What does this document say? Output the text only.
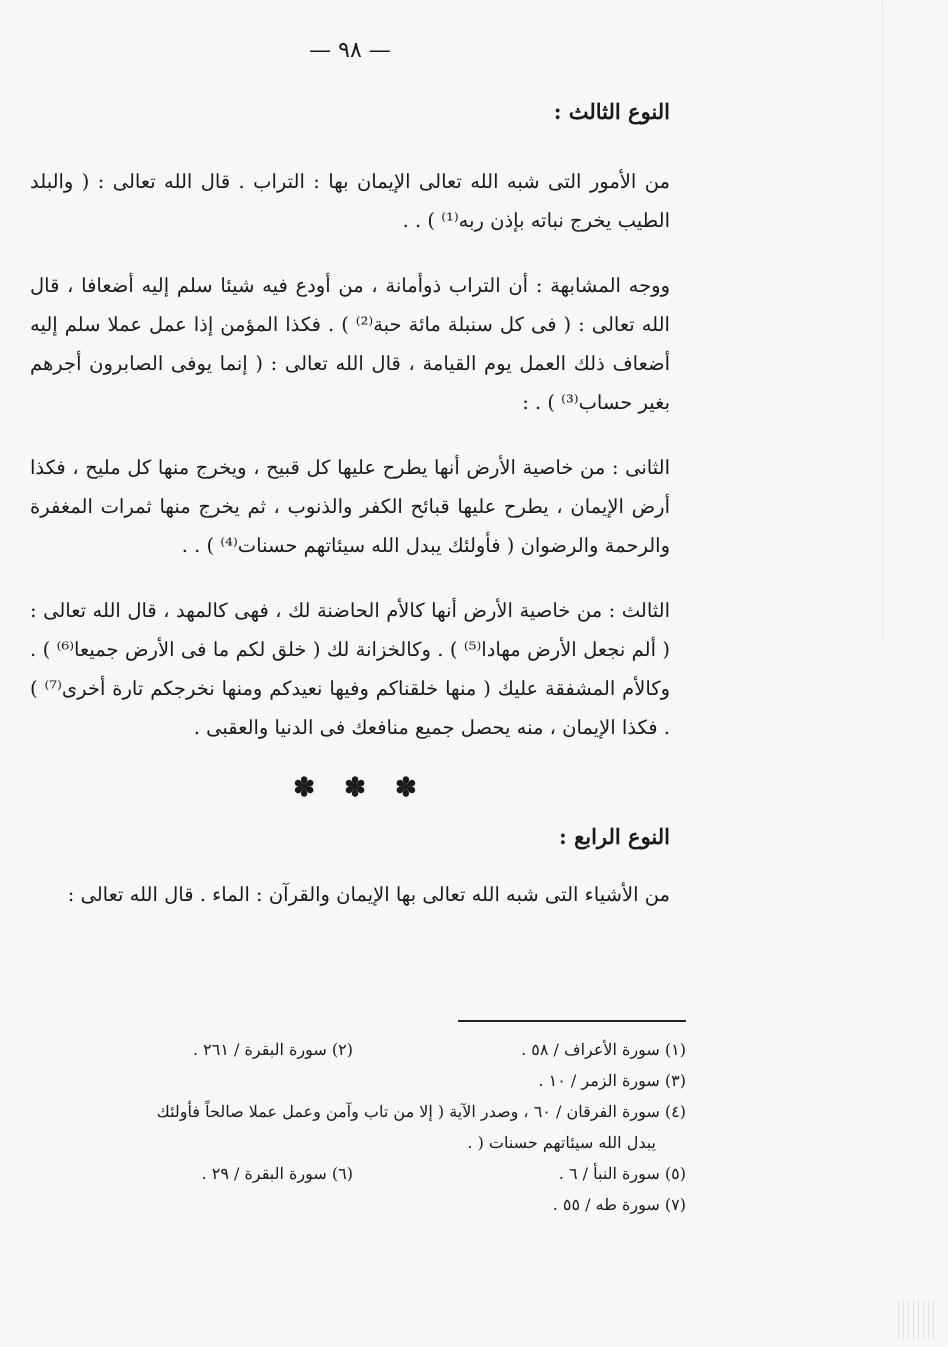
— ٩٨ —
النوع الثالث :

من الأمور التى شبه الله تعالى الإيمان بها : التراب . قال الله تعالى : ( والبلد الطيب يخرج نباته بإذن ربه⁽¹⁾ ) . .

ووجه المشابهة : أن التراب ذوأمانة ، من أودع فيه شيئا سلم إليه أضعافا ، قال الله تعالى : ( فى كل سنبلة مائة حبة⁽²⁾ ) . فكذا المؤمن إذا عمل عملا سلم إليه أضعاف ذلك العمل يوم القيامة ، قال الله تعالى : ( إنما يوفى الصابرون أجرهم بغير حساب⁽³⁾ ) . :

الثانى : من خاصية الأرض أنها يطرح عليها كل قبيح ، ويخرج منها كل مليح ، فكذا أرض الإيمان ، يطرح عليها قبائح الكفر والذنوب ، ثم يخرج منها ثمرات المغفرة والرحمة والرضوان ( فأولئك يبدل الله سيئاتهم حسنات⁽⁴⁾ ) . .

الثالث : من خاصية الأرض أنها كالأم الحاضنة لك ، فهى كالمهد ، قال الله تعالى : ( ألم نجعل الأرض مهادا⁽⁵⁾ ) . وكالخزانة لك ( خلق لكم ما فى الأرض جميعا⁽⁶⁾ ) . وكالأم المشفقة عليك ( منها خلقناكم وفيها نعيدكم ومنها نخرجكم تارة أخرى⁽⁷⁾ ) . فكذا الإيمان ، منه يحصل جميع منافعك فى الدنيا والعقبى .

✽ ✽ ✽
النوع الرابع :

من الأشياء التى شبه الله تعالى بها الإيمان والقرآن : الماء . قال الله تعالى :

(١) سورة الأعراف / ٥٨ .
(٢) سورة البقرة / ٢٦١ .
(٣) سورة الزمر / ١٠ .
(٤) سورة الفرقان / ٦٠ ، وصدر الآية ( إلا من تاب وآمن وعمل عملا صالحاً فأولئك
يبدل الله سيئاتهم حسنات ( .
(٥) سورة النبأ / ٦ .
(٦) سورة البقرة / ٢٩ .
(٧) سورة طه / ٥٥ .
